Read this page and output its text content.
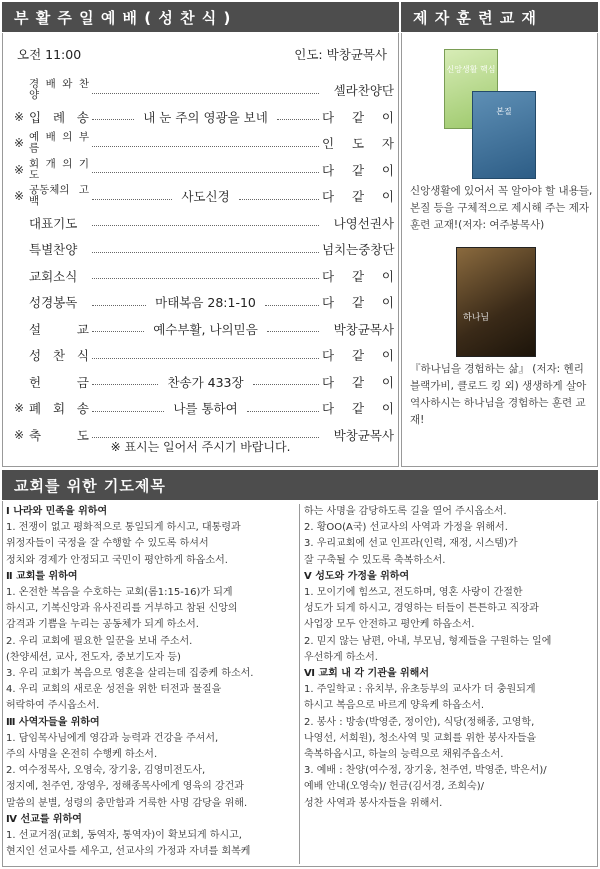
부 활 주 일 예 배 ( 성 찬 식 )	제 자 훈 련 교 재
오전 11:00	인도: 박창균목사
경 배 와 찬 양	셀라찬양단
※ 입 례 송	내 눈 주의 영광을 보네	다 같 이
※ 예 배 의 부 름	인 도 자
※ 회 개 의 기 도	다 같 이
※ 공동체의 고 백	사도신경	다 같 이
대표기도	나영선권사
특별찬양	넘치는중창단
교회소식	다 같 이
성경봉독	마태복음 28:1-10	다 같 이
설 교	예수부활, 나의믿음	박창균목사
성 찬 식	다 같 이
헌 금	찬송가 433장	다 같 이
※ 폐 회 송	나를 통하여	다 같 이
※ 축 도	박창균목사
※ 표시는 일어서 주시기 바랍니다.
신앙생활 핵심
본질
신앙생활에 있어서 꼭 알아야 할 내용들, 본질 등을 구체적으로 제시해 주는 제자훈련 교재!(저자: 여주봉목사)
하나님
『하나님을 경험하는 삶』 (저자: 헨리 블랙가비, 클로드 킹 외) 생생하게 살아 역사하시는 하나님을 경험하는 훈련 교재!
교회를 위한 기도제목

Ⅰ 나라와 민족을 위하여

1. 전쟁이 없고 평화적으로 통일되게 하시고, 대통령과

위정자들이 국정을 잘 수행할 수 있도록 하셔서

정치와 경제가 안정되고 국민이 평안하게 하옵소서.

Ⅱ 교회를 위하여

1. 온전한 복음을 수호하는 교회(롬1:15-16)가 되게

하시고, 기복신앙과 유사진리를 거부하고 참된 신앙의

감격과 기쁨을 누리는 공동체가 되게 하소서.

2. 우리 교회에 필요한 일꾼을 보내 주소서.

(찬양세션, 교사, 전도자, 중보기도자 등)

3. 우리 교회가 복음으로 영혼을 살리는데 집중케 하소서.

4. 우리 교회의 새로운 성전을 위한 터전과 물질을

허락하여 주시옵소서.

Ⅲ 사역자들을 위하여

1. 담임목사님에게 영감과 능력과 건강을 주셔서,

주의 사명을 온전히 수행케 하소서.

2. 여수정목사, 오영숙, 장기웅, 김영미전도사,

정지예, 천주연, 장영우, 정해종목사에게 영육의 강건과

말씀의 분별, 성령의 충만함과 거룩한 사명 감당을 위해.

Ⅳ 선교를 위하여

1. 선교거점(교회, 동역자, 통역자)이 확보되게 하시고,

현지인 선교사를 세우고, 선교사의 가정과 자녀를 회복케

하는 사명을 감당하도록 길을 열어 주시옵소서.

2. 황OO(A국) 선교사의 사역과 가정을 위해서.

3. 우리교회에 선교 인프라(인력, 재정, 시스템)가

잘 구축될 수 있도록 축복하소서.

Ⅴ 성도와 가정을 위하여

1. 모이기에 힘쓰고, 전도하며, 영혼 사랑이 간절한

성도가 되게 하시고, 경영하는 터들이 튼튼하고 직장과

사업장 모두 안전하고 평안케 하옵소서.

2. 믿지 않는 남편, 아내, 부모님, 형제들을 구원하는 일에

우선하게 하소서.

Ⅵ 교회 내 각 기관을 위해서

1. 주일학교 : 유치부, 유초등부의 교사가 더 충원되게

하시고 복음으로 바르게 양육케 하옵소서.

2. 봉사 : 방송(박영준, 정이안), 식당(정해종, 고영학,

나영선, 서희원), 청소사역 및 교회를 위한 봉사자들을

축복하옵시고, 하늘의 능력으로 채워주옵소서.

3. 예배 : 찬양(여수정, 장기웅, 천주연, 박영준, 박은서)/

예배 안내(오영숙)/ 헌금(김서경, 조희숙)/

성찬 사역과 봉사자들을 위해서.
